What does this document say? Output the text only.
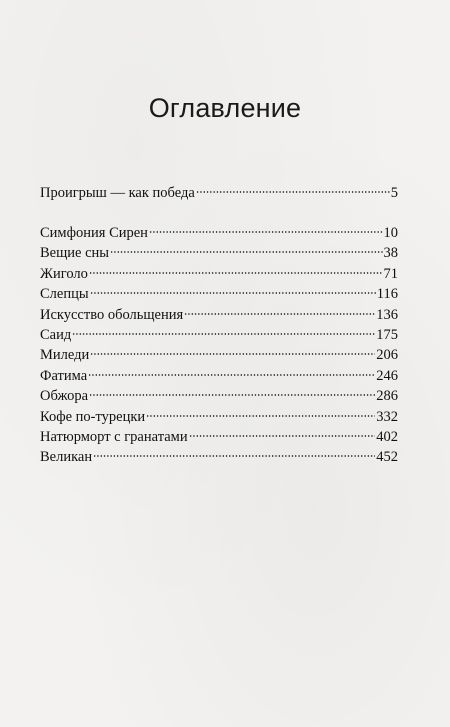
Оглавление
Проигрыш — как победа	5
Симфония Сирен	10
Вещие сны	38
Жиголо	71
Слепцы	116
Искусство обольщения	136
Саид	175
Миледи	206
Фатима	246
Обжора	286
Кофе по-турецки	332
Натюрморт с гранатами	402
Великан	452
